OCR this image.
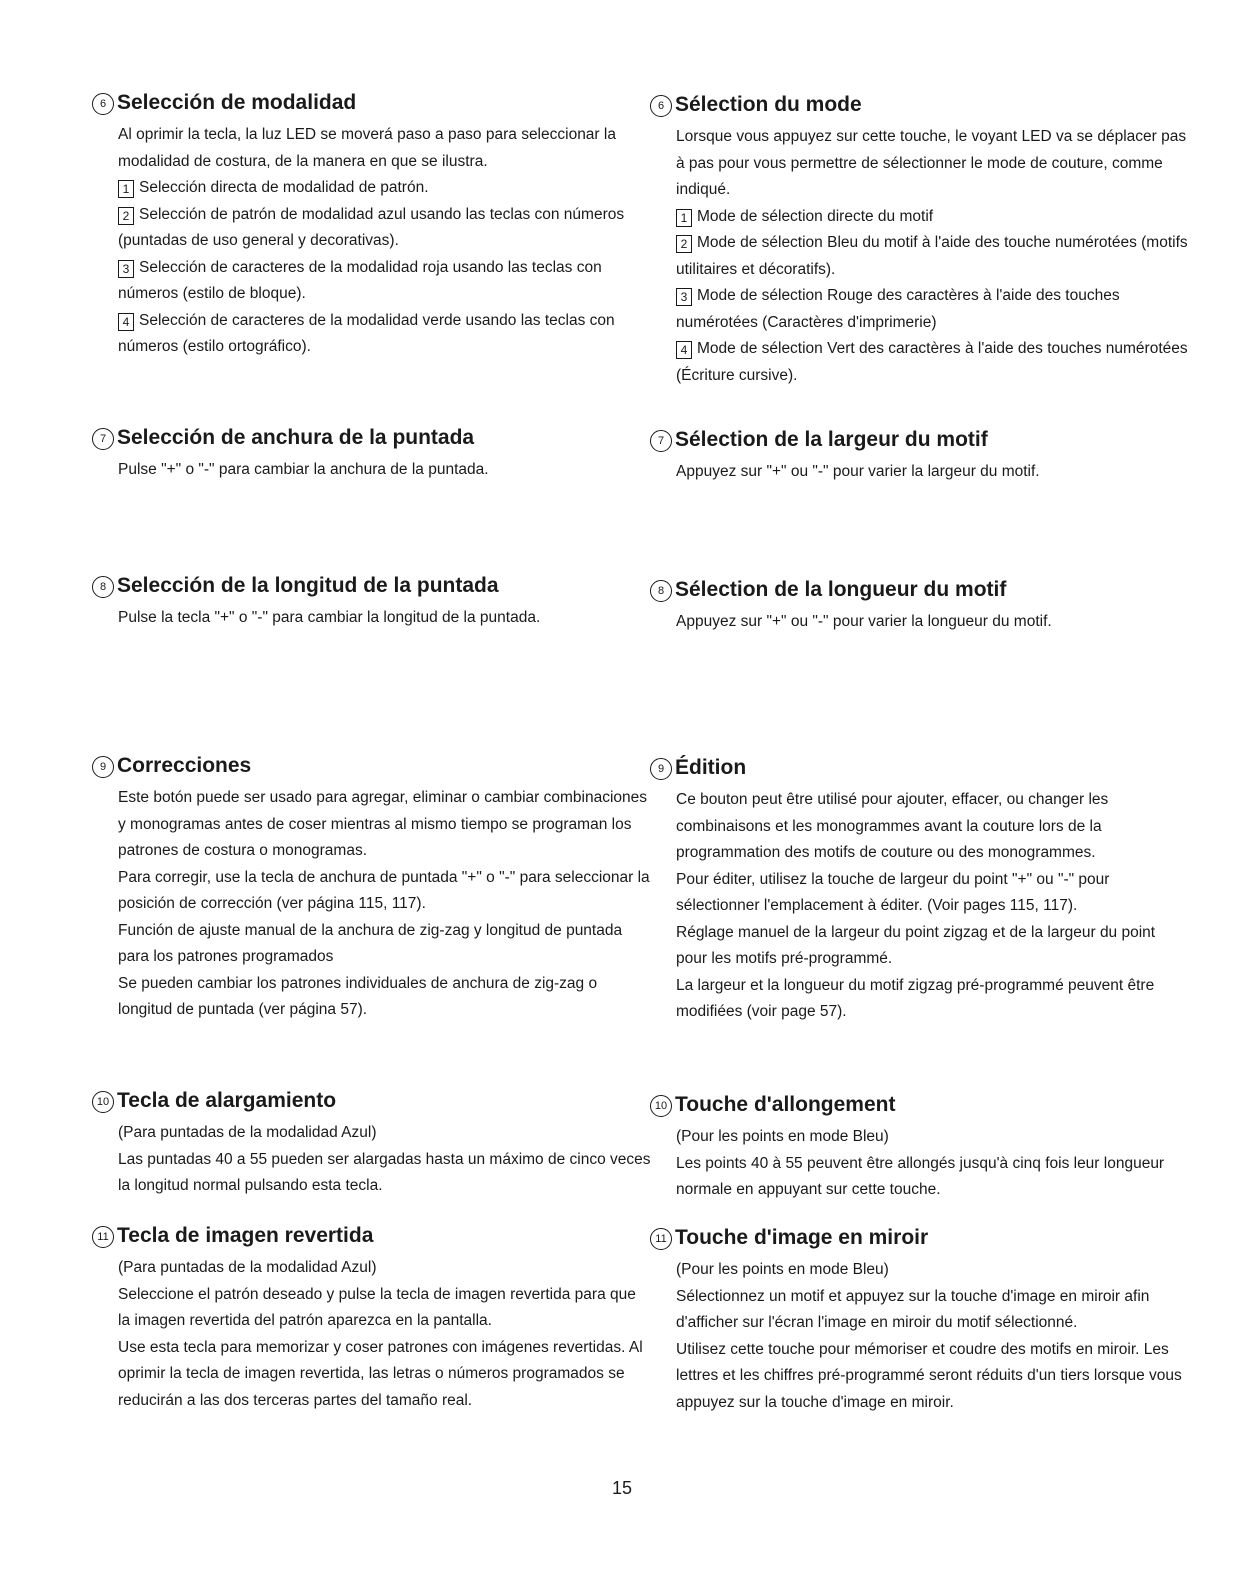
6 Selección de modalidad

Al oprimir la tecla, la luz LED se moverá paso a paso para seleccionar la modalidad de costura, de la manera en que se ilustra.

1 Selección directa de modalidad de patrón.

2 Selección de patrón de modalidad azul usando las teclas con números (puntadas de uso general y decorativas).

3 Selección de caracteres de la modalidad roja usando las teclas con números (estilo de bloque).

4 Selección de caracteres de la modalidad verde usando las teclas con números (estilo ortográfico).

7 Selección de anchura de la puntada

Pulse "+" o "-" para cambiar la anchura de la puntada.

8 Selección de la longitud de la puntada

Pulse la tecla "+" o "-" para cambiar la longitud de la puntada.

9 Correcciones

Este botón puede ser usado para agregar, eliminar o cambiar combinaciones y monogramas antes de coser mientras al mismo tiempo se programan los patrones de costura o monogramas.

Para corregir, use la tecla de anchura de puntada "+" o "-" para seleccionar la posición de corrección (ver página 115, 117).

Función de ajuste manual de la anchura de zig-zag y longitud de puntada para los patrones programados

Se pueden cambiar los patrones individuales de anchura de zig-zag o longitud de puntada (ver página 57).

10 Tecla de alargamiento

(Para puntadas de la modalidad Azul)

Las puntadas 40 a 55 pueden ser alargadas hasta un máximo de cinco veces la longitud normal pulsando esta tecla.

11 Tecla de imagen revertida

(Para puntadas de la modalidad Azul)

Seleccione el patrón deseado y pulse la tecla de imagen revertida para que la imagen revertida del patrón aparezca en la pantalla.

Use esta tecla para memorizar y coser patrones con imágenes revertidas. Al oprimir la tecla de imagen revertida, las letras o números programados se reducirán a las dos terceras partes del tamaño real.

6 Sélection du mode

Lorsque vous appuyez sur cette touche, le voyant LED va se déplacer pas à pas pour vous permettre de sélectionner le mode de couture, comme indiqué.

1 Mode de sélection directe du motif

2 Mode de sélection Bleu du motif à l'aide des touche numérotées (motifs utilitaires et décoratifs).

3 Mode de sélection Rouge des caractères à l'aide des touches numérotées (Caractères d'imprimerie)

4 Mode de sélection Vert des caractères à l'aide des touches numérotées (Écriture cursive).

7 Sélection de la largeur du motif

Appuyez sur "+" ou "-" pour varier la largeur du motif.

8 Sélection de la longueur du motif

Appuyez sur "+" ou "-" pour varier la longueur du motif.

9 Édition

Ce bouton peut être utilisé pour ajouter, effacer, ou changer les combinaisons et les monogrammes avant la couture lors de la programmation des motifs de couture ou des monogrammes.

Pour éditer, utilisez la touche de largeur du point "+" ou "-" pour sélectionner l'emplacement à éditer. (Voir pages 115, 117).

Réglage manuel de la largeur du point zigzag et de la largeur du point pour les motifs pré-programmé.

La largeur et la longueur du motif zigzag pré-programmé peuvent être modifiées (voir page 57).

10 Touche d'allongement

(Pour les points en mode Bleu)

Les points 40 à 55 peuvent être allongés jusqu'à cinq fois leur longueur normale en appuyant sur cette touche.

11 Touche d'image en miroir

(Pour les points en mode Bleu)

Sélectionnez un motif et appuyez sur la touche d'image en miroir afin d'afficher sur l'écran l'image en miroir du motif sélectionné.

Utilisez cette touche pour mémoriser et coudre des motifs en miroir. Les lettres et les chiffres pré-programmé seront réduits d'un tiers lorsque vous appuyez sur la touche d'image en miroir.

15
